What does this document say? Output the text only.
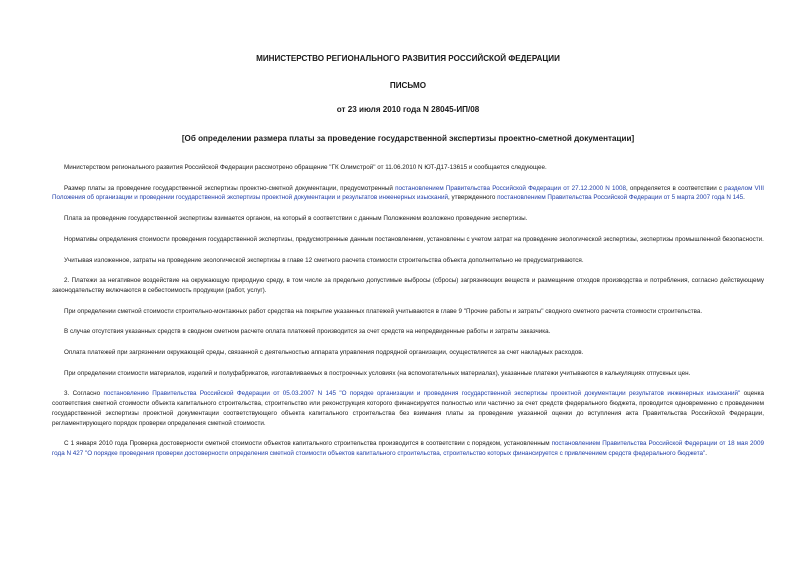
МИНИСТЕРСТВО РЕГИОНАЛЬНОГО РАЗВИТИЯ РОССИЙСКОЙ ФЕДЕРАЦИИ
ПИСЬМО
от 23 июля 2010 года N 28045-ИП/08
[Об определении размера платы за проведение государственной экспертизы проектно-сметной документации]

Министерством регионального развития Российской Федерации рассмотрено обращение "ГК Олимстрой" от 11.06.2010 N ЮТ-Д17-13615 и сообщается следующее.

Размер платы за проведение государственной экспертизы проектно-сметной документации, предусмотренный постановлением Правительства Российской Федерации от 27.12.2000 N 1008, определяется в соответствии с разделом VIII Положения об организации и проведении государственной экспертизы проектной документации и результатов инженерных изысканий, утвержденного постановлением Правительства Российской Федерации от 5 марта 2007 года N 145.

Плата за проведение государственной экспертизы взимается органом, на который в соответствии с данным Положением возложено проведение экспертизы.

Нормативы определения стоимости проведения государственной экспертизы, предусмотренные данным постановлением, установлены с учетом затрат на проведение экологической экспертизы, экспертизы промышленной безопасности.

Учитывая изложенное, затраты на проведение экологической экспертизы в главе 12 сметного расчета стоимости строительства объекта дополнительно не предусматриваются.

2. Платежи за негативное воздействие на окружающую природную среду, в том числе за предельно допустимые выбросы (сбросы) загрязняющих веществ и размещение отходов производства и потребления, согласно действующему законодательству включаются в себестоимость продукции (работ, услуг).

При определении сметной стоимости строительно-монтажных работ средства на покрытие указанных платежей учитываются в главе 9 "Прочие работы и затраты" сводного сметного расчета стоимости строительства.

В случае отсутствия указанных средств в сводном сметном расчете оплата платежей производится за счет средств на непредвиденные работы и затраты заказчика.

Оплата платежей при загрязнении окружающей среды, связанной с деятельностью аппарата управления подрядной организации, осуществляется за счет накладных расходов.

При определении стоимости материалов, изделий и полуфабрикатов, изготавливаемых в построечных условиях (на вспомогательных материалах), указанные платежи учитываются в калькуляциях отпускных цен.

3. Согласно постановлению Правительства Российской Федерации от 05.03.2007 N 145 "О порядке организации и проведения государственной экспертизы проектной документации результатов инженерных изысканий" оценка соответствия сметной стоимости объекта капитального строительства, строительство или реконструкция которого финансируется полностью или частично за счет средств федерального бюджета, проводится одновременно с проведением государственной экспертизы проектной документации соответствующего объекта капитального строительства без взимания платы за проведение указанной оценки до вступления акта Правительства Российской Федерации, регламентирующего порядок проверки определения сметной стоимости.

С 1 января 2010 года Проверка достоверности сметной стоимости объектов капитального строительства производится в соответствии с порядком, установленным постановлением Правительства Российской Федерации от 18 мая 2009 года N 427 "О порядке проведения проверки достоверности определения сметной стоимости объектов капитального строительства, строительство которых финансируется с привлечением средств федерального бюджета".
